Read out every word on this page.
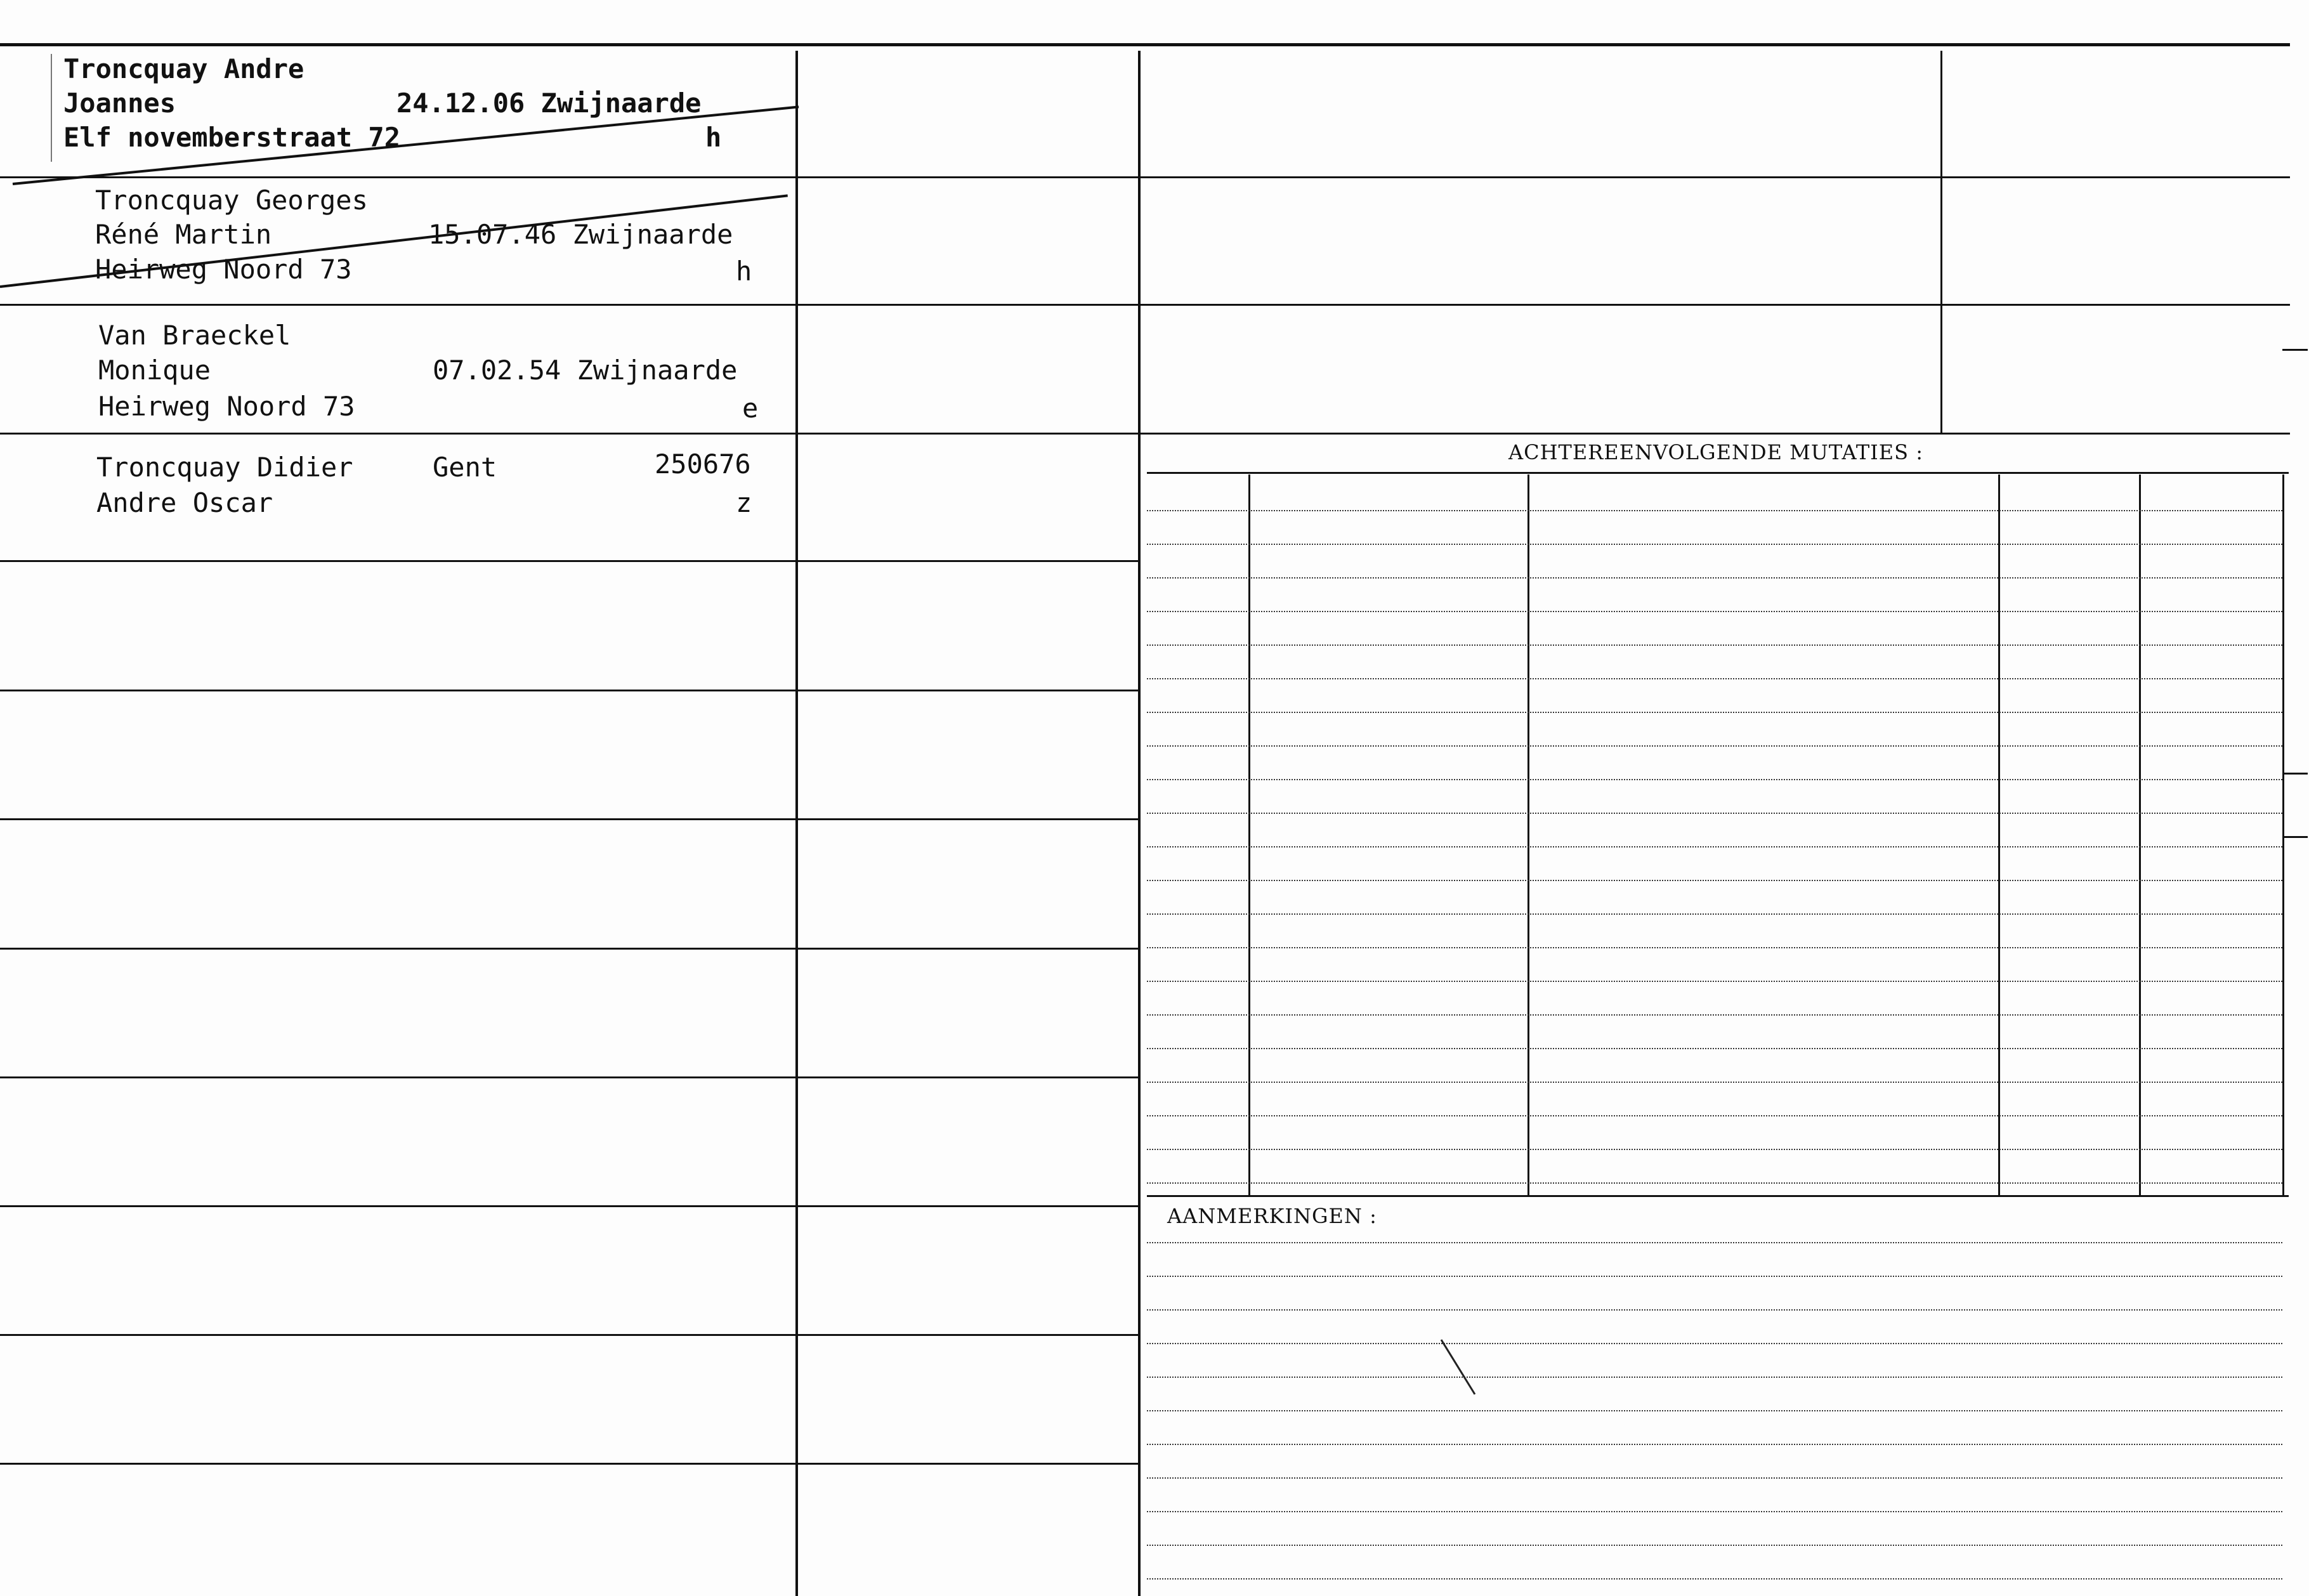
Troncquay Andre
Joannes
Elf novemberstraat 72
24.12.06 Zwijnaarde
h
Troncquay Georges
Réné Martin
Heirweg Noord 73
15.07.46 Zwijnaarde
h
Van Braeckel
Monique
Heirweg Noord 73
07.02.54 Zwijnaarde
e
Troncquay Didier
Andre Oscar
Gent	250676
z
ACHTEREENVOLGENDE MUTATIES :
AANMERKINGEN :
